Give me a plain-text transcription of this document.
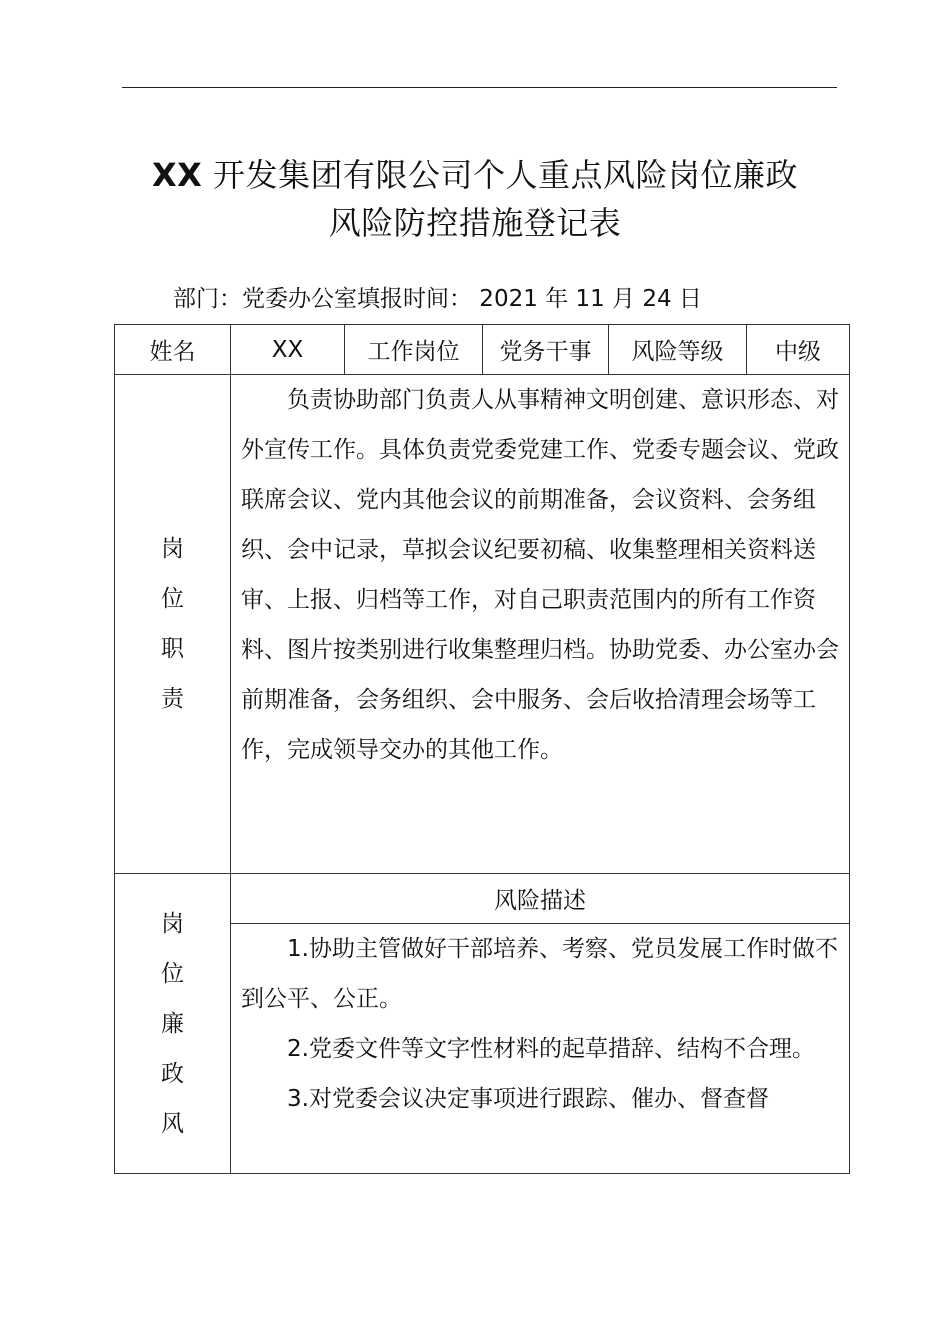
XX 开发集团有限公司个人重点风险岗位廉政
风险防控措施登记表
部门：党委办公室填报时间： 2021 年 11 月 24 日
姓名	XX	工作岗位	党务干事	风险等级	中级

岗
位
职
责	负责协助部门负责人从事精神文明创建、意识形态、对外宣传工作。具体负责党委党建工作、党委专题会议、党政联席会议、党内其他会议的前期准备，会议资料、会务组织、会中记录，草拟会议纪要初稿、收集整理相关资料送审、上报、归档等工作，对自己职责范围内的所有工作资料、图片按类别进行收集整理归档。协助党委、办公室办会前期准备，会务组织、会中服务、会后收拾清理会场等工作，完成领导交办的其他工作。				

岗
位
廉
政
风	风险描述				

	1.协助主管做好干部培养、考察、党员发展工作时做不到公平、公正。

2.党委文件等文字性材料的起草措辞、结构不合理。

3.对党委会议决定事项进行跟踪、催办、督查督				
